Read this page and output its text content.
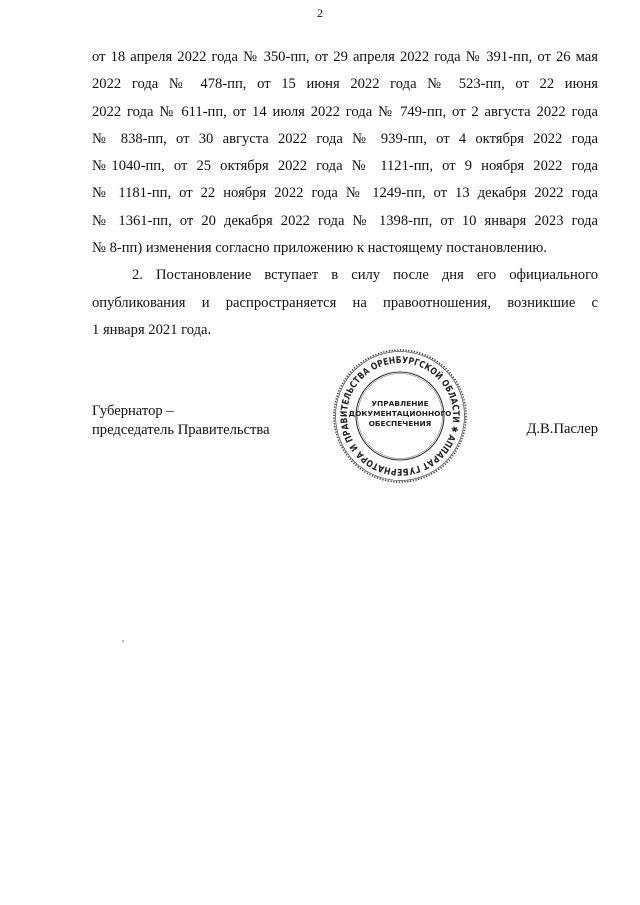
2
от 18 апреля 2022 года № 350-пп, от 29 апреля 2022 года № 391-пп, от 26 мая
2022 года № 478-пп, от 15 июня 2022 года № 523-пп, от 22 июня
2022 года № 611-пп, от 14 июля 2022 года № 749-пп, от 2 августа 2022 года
№ 838-пп, от 30 августа 2022 года № 939-пп, от 4 октября 2022 года
№1040-пп, от 25 октября 2022 года № 1121-пп, от 9 ноября 2022 года
№ 1181-пп, от 22 ноября 2022 года № 1249-пп, от 13 декабря 2022 года
№ 1361-пп, от 20 декабря 2022 года № 1398-пп, от 10 января 2023 года
№ 8-пп) изменения согласно приложению к настоящему постановлению.
2. Постановление вступает в силу после дня его официального
опубликования и распространяется на правоотношения, возникшие с
1 января 2021 года.
Губернатор –
председатель Правительства	Д.В.Паслер
АППАРАТ ГУБЕРНАТОРА И ПРАВИТЕЛЬСТВА ОРЕНБУРГСКОЙ ОБЛАСТИ ✱
УПРАВЛЕНИЕ
ДОКУМЕНТАЦИОННОГО
ОБЕСПЕЧЕНИЯ
